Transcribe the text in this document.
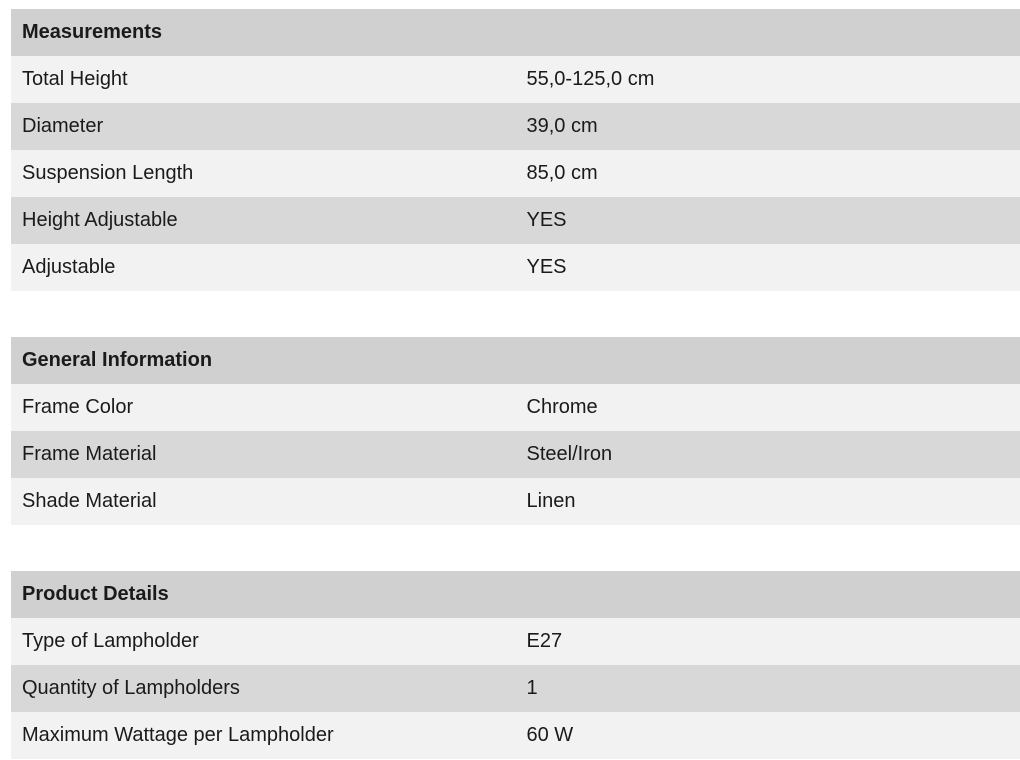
Measurements	
Total Height	55,0-125,0 cm
Diameter	39,0 cm
Suspension Length	85,0 cm
Height Adjustable	YES
Adjustable	YES
General Information	
Frame Color	Chrome
Frame Material	Steel/Iron
Shade Material	Linen
Product Details	
Type of Lampholder	E27
Quantity of Lampholders	1
Maximum Wattage per Lampholder	60 W
